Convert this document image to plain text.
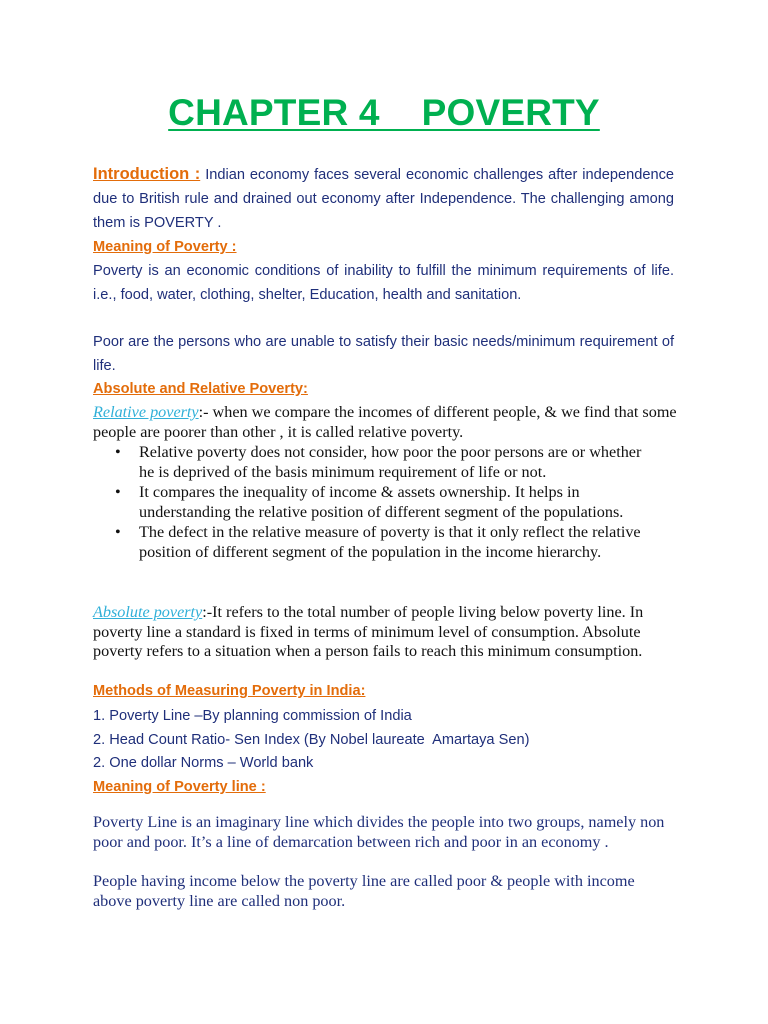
CHAPTER 4    POVERTY
Introduction : Indian economy faces several economic challenges after independence due to British rule and drained out economy after Independence. The challenging among them is POVERTY .
Meaning of Poverty :
Poverty is an economic conditions of inability to fulfill the minimum requirements of life. i.e., food, water, clothing, shelter, Education, health and sanitation.
Poor are the persons who are unable to satisfy their basic needs/minimum requirement of life.
Absolute and Relative Poverty:
Relative poverty:- when we compare the incomes of different people, & we find that some people are poorer than other , it is called relative poverty.
• Relative poverty does not consider, how poor the poor persons are or whether he is deprived of the basis minimum requirement of life or not.
• It compares the inequality of income & assets ownership. It helps in understanding the relative position of different segment of the populations.
• The defect in the relative measure of poverty is that it only reflect the relative position of different segment of the population in the income hierarchy.
Absolute poverty:-It refers to the total number of people living below poverty line. In poverty line a standard is fixed in terms of minimum level of consumption. Absolute poverty refers to a situation when a person fails to reach this minimum consumption.
Methods of Measuring Poverty in India:
1. Poverty Line –By planning commission of India
2. Head Count Ratio- Sen Index (By Nobel laureate  Amartaya Sen)
2. One dollar Norms – World bank
Meaning of Poverty line :
Poverty Line is an imaginary line which divides the people into two groups, namely non poor and poor. It’s a line of demarcation between rich and poor in an economy .
People having income below the poverty line are called poor & people with income above poverty line are called non poor.
